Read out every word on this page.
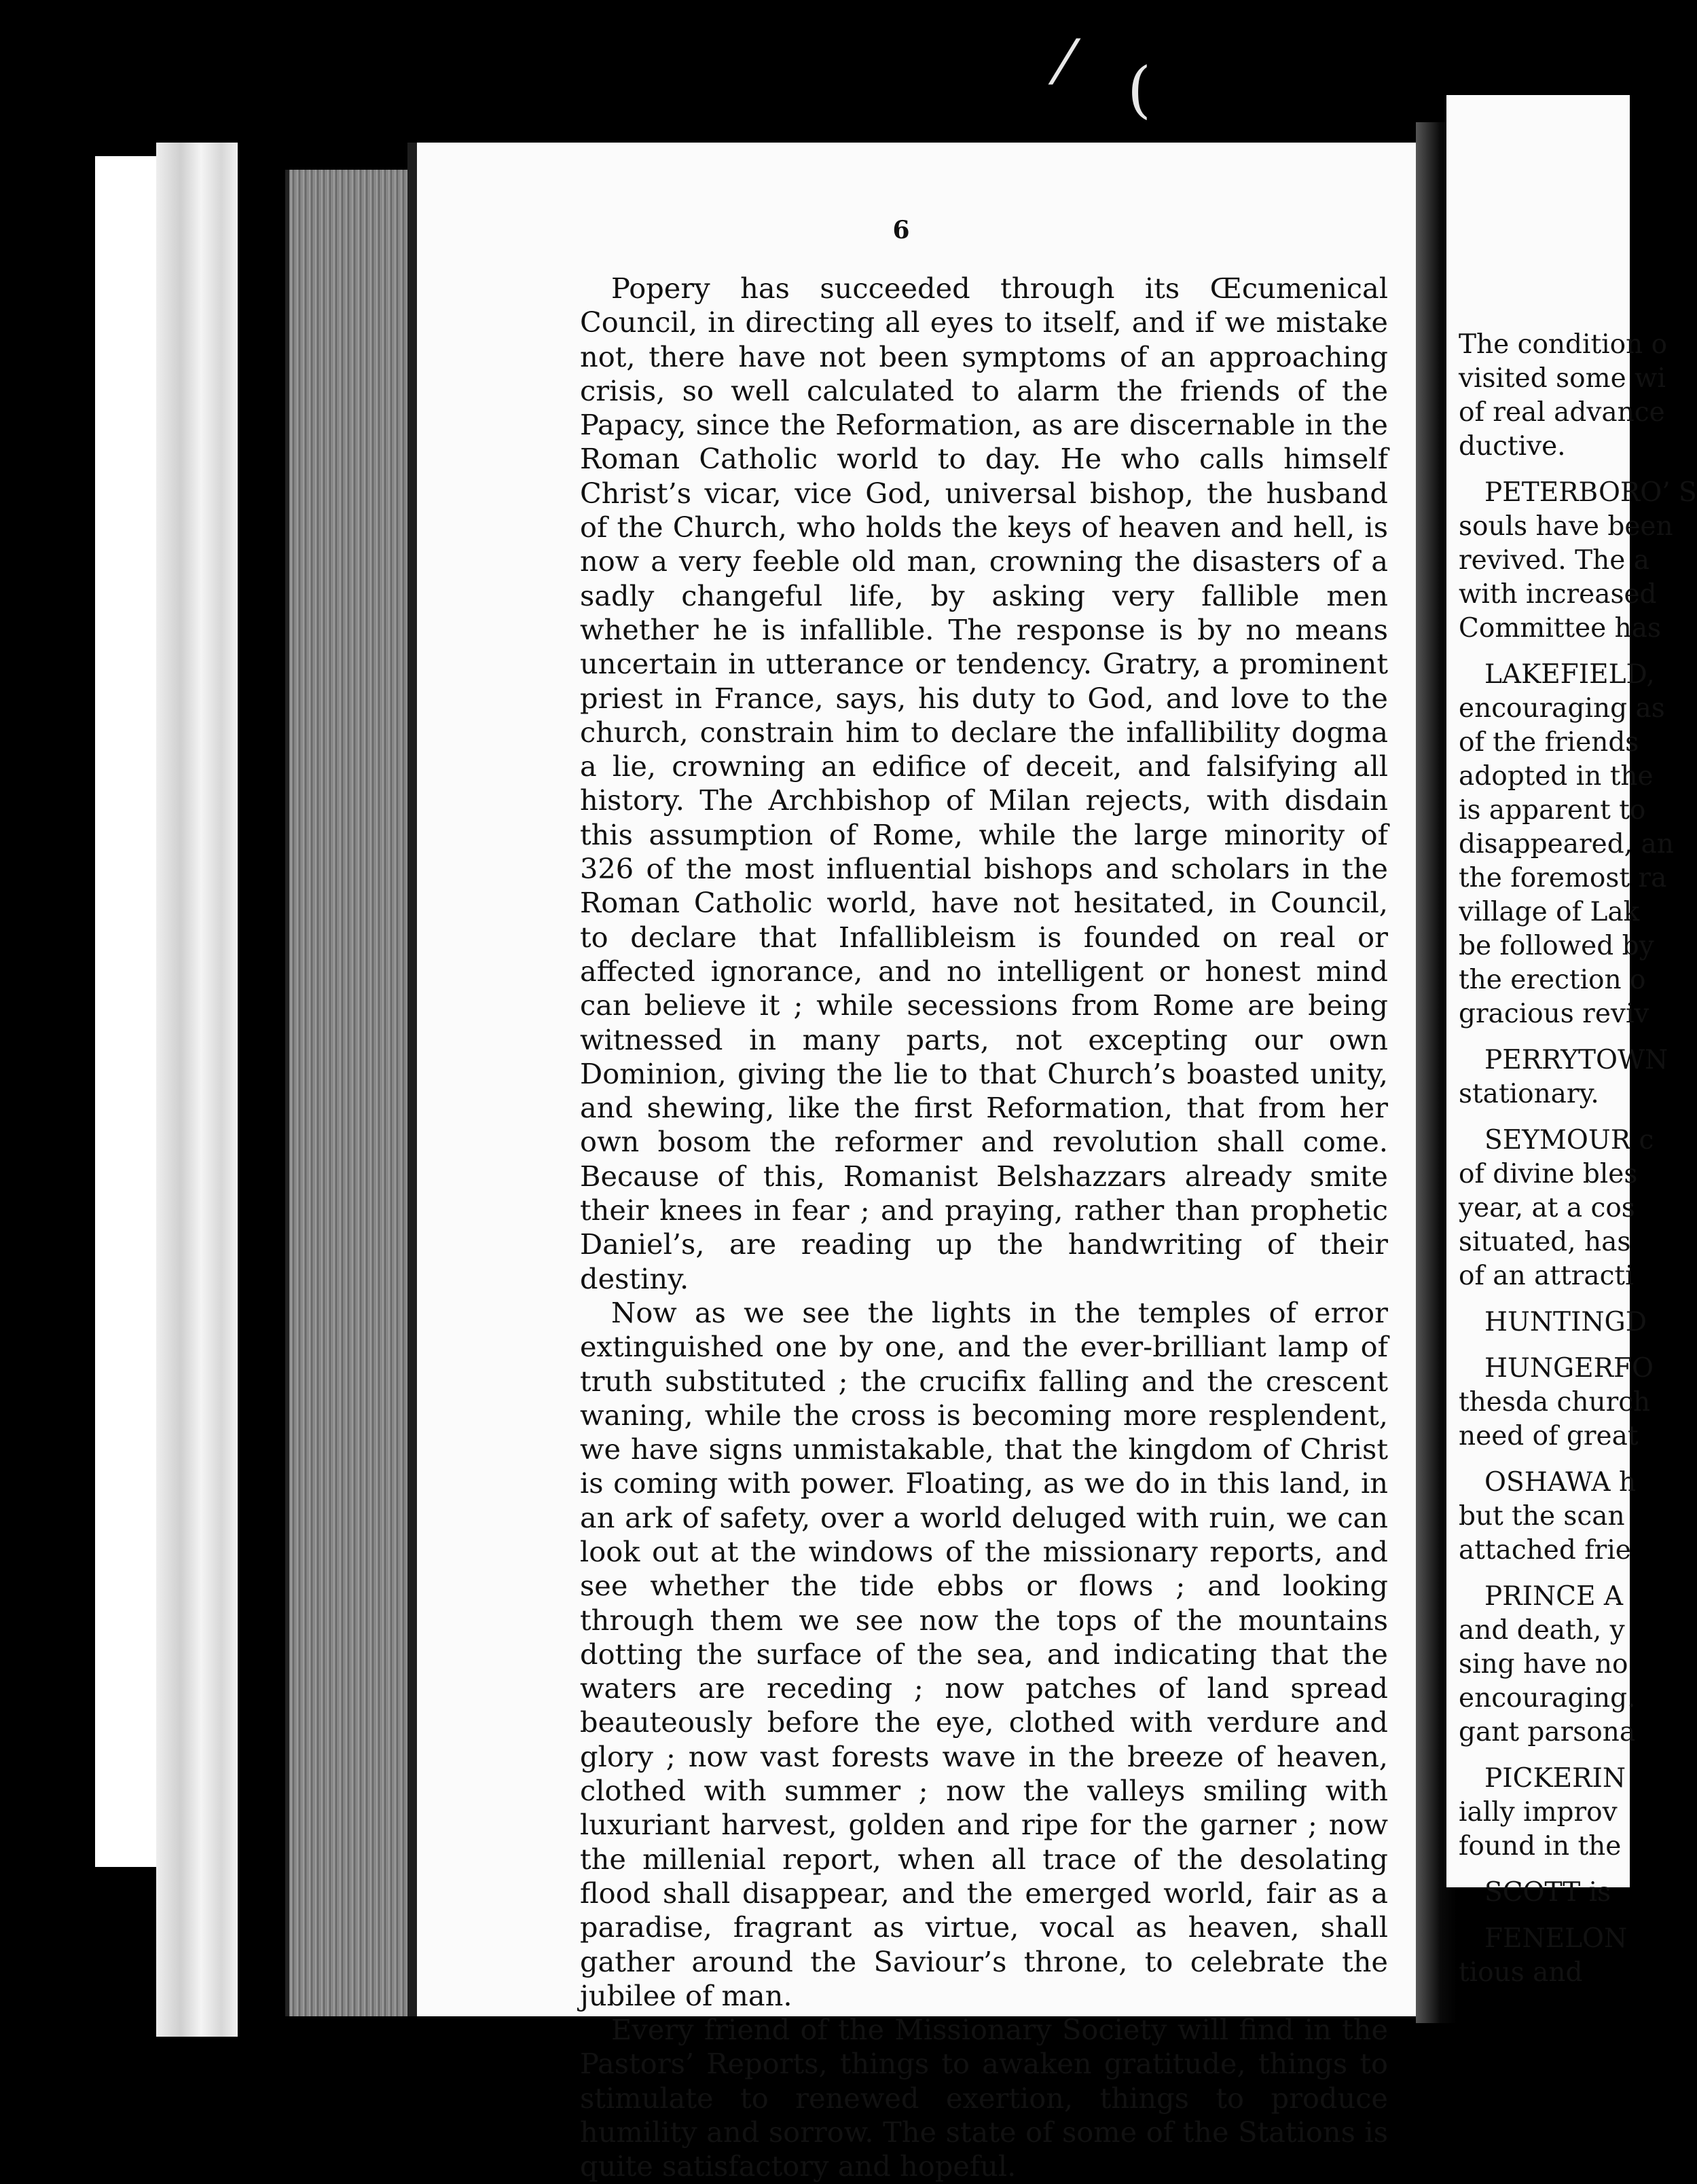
6

Popery has succeeded through its Œcumenical Council, in directing all eyes to itself, and if we mistake not, there have not been symptoms of an approaching crisis, so well calculated to alarm the friends of the Papacy, since the Reformation, as are discernable in the Roman Catholic world to day. He who calls himself Christ’s vicar, vice God, universal bishop, the husband of the Church, who holds the keys of heaven and hell, is now a very feeble old man, crowning the disasters of a sadly changeful life, by asking very fallible men whether he is infallible. The response is by no means uncertain in utterance or tendency. Gratry, a prominent priest in France, says, his duty to God, and love to the church, constrain him to declare the infallibility dogma a lie, crowning an edifice of deceit, and falsifying all history. The Archbishop of Milan rejects, with disdain this assumption of Rome, while the large minority of 326 of the most influential bishops and scholars in the Roman Catholic world, have not hesitated, in Council, to declare that Infallibleism is founded on real or affected ignorance, and no intelligent or honest mind can believe it ; while secessions from Rome are being witnessed in many parts, not excepting our own Dominion, giving the lie to that Church’s boasted unity, and shewing, like the first Reformation, that from her own bosom the reformer and revolution shall come. Because of this, Romanist Belshazzars already smite their knees in fear ; and praying, rather than prophetic Daniel’s, are reading up the handwriting of their destiny.

Now as we see the lights in the temples of error extinguished one by one, and the ever-brilliant lamp of truth substituted ; the crucifix falling and the crescent waning, while the cross is becoming more resplendent, we have signs unmistakable, that the kingdom of Christ is coming with power. Floating, as we do in this land, in an ark of safety, over a world deluged with ruin, we can look out at the windows of the missionary reports, and see whether the tide ebbs or flows ; and looking through them we see now the tops of the mountains dotting the surface of the sea, and indicating that the waters are receding ; now patches of land spread beauteously before the eye, clothed with verdure and glory ; now vast forests wave in the breeze of heaven, clothed with summer ; now the valleys smiling with luxuriant harvest, golden and ripe for the garner ; now the millenial report, when all trace of the desolating flood shall disappear, and the emerged world, fair as a paradise, fragrant as virtue, vocal as heaven, shall gather around the Saviour’s throne, to celebrate the jubilee of man.

Every friend of the Missionary Society will find in the Pastors’ Reports, things to awaken gratitude, things to stimulate to renewed exertion, things to produce humility and sorrow. The state of some of the Stations is quite satisfactory and hopeful.

The condition o
visited some wi
of real advance
ductive.
PETERBORO’ S
souls have been
revived. The a
with increased
Committee has
LAKEFIELD,
encouraging as
of the friends
adopted in the
is apparent to
disappeared, an
the foremost ra
village of Lak
be followed by
the erection o
gracious reviv
PERRYTOWN
stationary.
SEYMOUR c
of divine bles
year, at a cos
situated, has
of an attracti
HUNTINGD
HUNGERFO
thesda church
need of great
OSHAWA h
but the scan
attached frie
PRINCE A
and death, y
sing have no
encouraging.
gant parsona
PICKERIN
ially improv
found in the
SCOTT is
FENELON
tious and
⁄ (
